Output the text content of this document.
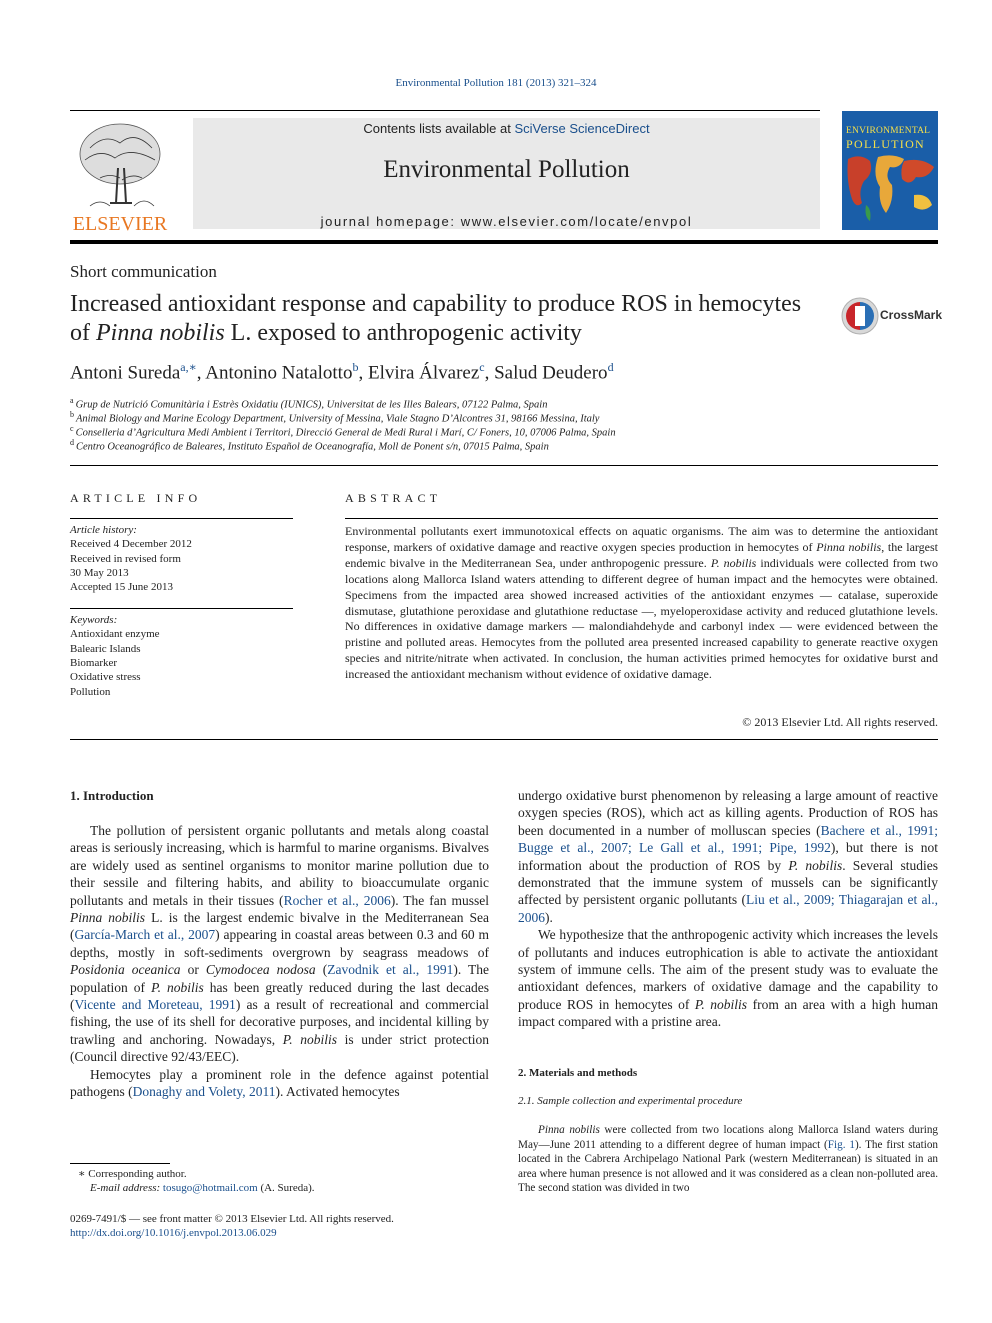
Environmental Pollution 181 (2013) 321–324
ELSEVIER
Contents lists available at SciVerse ScienceDirect
Environmental Pollution
journal homepage: www.elsevier.com/locate/envpol
ENVIRONMENTAL
POLLUTION
Short communication
Increased antioxidant response and capability to produce ROS in hemocytes of Pinna nobilis L. exposed to anthropogenic activity
CrossMark
Antoni Sureda$^{a,∗}$, Antonino Natalotto$^b$, Elvira Álvarez$^c$, Salud Deudero$^d$
$^a$ Grup de Nutrició Comunitària i Estrès Oxidatiu (IUNICS), Universitat de les Illes Balears, 07122 Palma, Spain
$^b$ Animal Biology and Marine Ecology Department, University of Messina, Viale Stagno D’Alcontres 31, 98166 Messina, Italy
$^c$ Conselleria d’Agricultura Medi Ambient i Territori, Direcció General de Medi Rural i Marí, C/ Foners, 10, 07006 Palma, Spain
$^d$ Centro Oceanográfico de Baleares, Instituto Español de Oceanografía, Moll de Ponent s/n, 07015 Palma, Spain
ARTICLE INFO
Article history:
Received 4 December 2012
Received in revised form
30 May 2013
Accepted 15 June 2013
Keywords:
Antioxidant enzyme
Balearic Islands
Biomarker
Oxidative stress
Pollution
ABSTRACT
Environmental pollutants exert immunotoxical effects on aquatic organisms. The aim was to determine the antioxidant response, markers of oxidative damage and reactive oxygen species production in hemocytes of Pinna nobilis, the largest endemic bivalve in the Mediterranean Sea, under anthropogenic pressure. P. nobilis individuals were collected from two locations along Mallorca Island waters attending to different degree of human impact and the hemocytes were obtained. Specimens from the impacted area showed increased activities of the antioxidant enzymes — catalase, superoxide dismutase, glutathione peroxidase and glutathione reductase —, myeloperoxidase activity and reduced glutathione levels. No differences in oxidative damage markers — malondiahdehyde and carbonyl index — were evidenced between the pristine and polluted areas. Hemocytes from the polluted area presented increased capability to generate reactive oxygen species and nitrite/nitrate when activated. In conclusion, the human activities primed hemocytes for oxidative burst and increased the antioxidant mechanism without evidence of oxidative damage.
© 2013 Elsevier Ltd. All rights reserved.
1. Introduction

The pollution of persistent organic pollutants and metals along coastal areas is seriously increasing, which is harmful to marine organisms. Bivalves are widely used as sentinel organisms to monitor marine pollution due to their sessile and filtering habits, and ability to bioaccumulate organic pollutants and metals in their tissues (Rocher et al., 2006). The fan mussel Pinna nobilis L. is the largest endemic bivalve in the Mediterranean Sea (García-March et al., 2007) appearing in coastal areas between 0.3 and 60 m depths, mostly in soft-sediments overgrown by seagrass meadows of Posidonia oceanica or Cymodocea nodosa (Zavodnik et al., 1991). The population of P. nobilis has been greatly reduced during the last decades (Vicente and Moreteau, 1991) as a result of recreational and commercial fishing, the use of its shell for decorative purposes, and incidental killing by trawling and anchoring. Nowadays, P. nobilis is under strict protection (Council directive 92/43/EEC).

Hemocytes play a prominent role in the defence against potential pathogens (Donaghy and Volety, 2011). Activated hemocytes

undergo oxidative burst phenomenon by releasing a large amount of reactive oxygen species (ROS), which act as killing agents. Production of ROS has been documented in a number of molluscan species (Bachere et al., 1991; Bugge et al., 2007; Le Gall et al., 1991; Pipe, 1992), but there is not information about the production of ROS by P. nobilis. Several studies demonstrated that the immune system of mussels can be significantly affected by persistent organic pollutants (Liu et al., 2009; Thiagarajan et al., 2006).

We hypothesize that the anthropogenic activity which increases the levels of pollutants and induces eutrophication is able to activate the antioxidant system of immune cells. The aim of the present study was to evaluate the antioxidant defences, markers of oxidative damage and the capability to produce ROS in hemocytes of P. nobilis from an area with a high human impact compared with a pristine area.

2. Materials and methods
2.1. Sample collection and experimental procedure

Pinna nobilis were collected from two locations along Mallorca Island waters during May—June 2011 attending to a different degree of human impact (Fig. 1). The first station located in the Cabrera Archipelago National Park (western Mediterranean) is situated in an area where human presence is not allowed and it was considered as a clean non-polluted area. The second station was divided in two

∗ Corresponding author.
E-mail address: tosugo@hotmail.com (A. Sureda).
0269-7491/$ — see front matter © 2013 Elsevier Ltd. All rights reserved.
http://dx.doi.org/10.1016/j.envpol.2013.06.029
